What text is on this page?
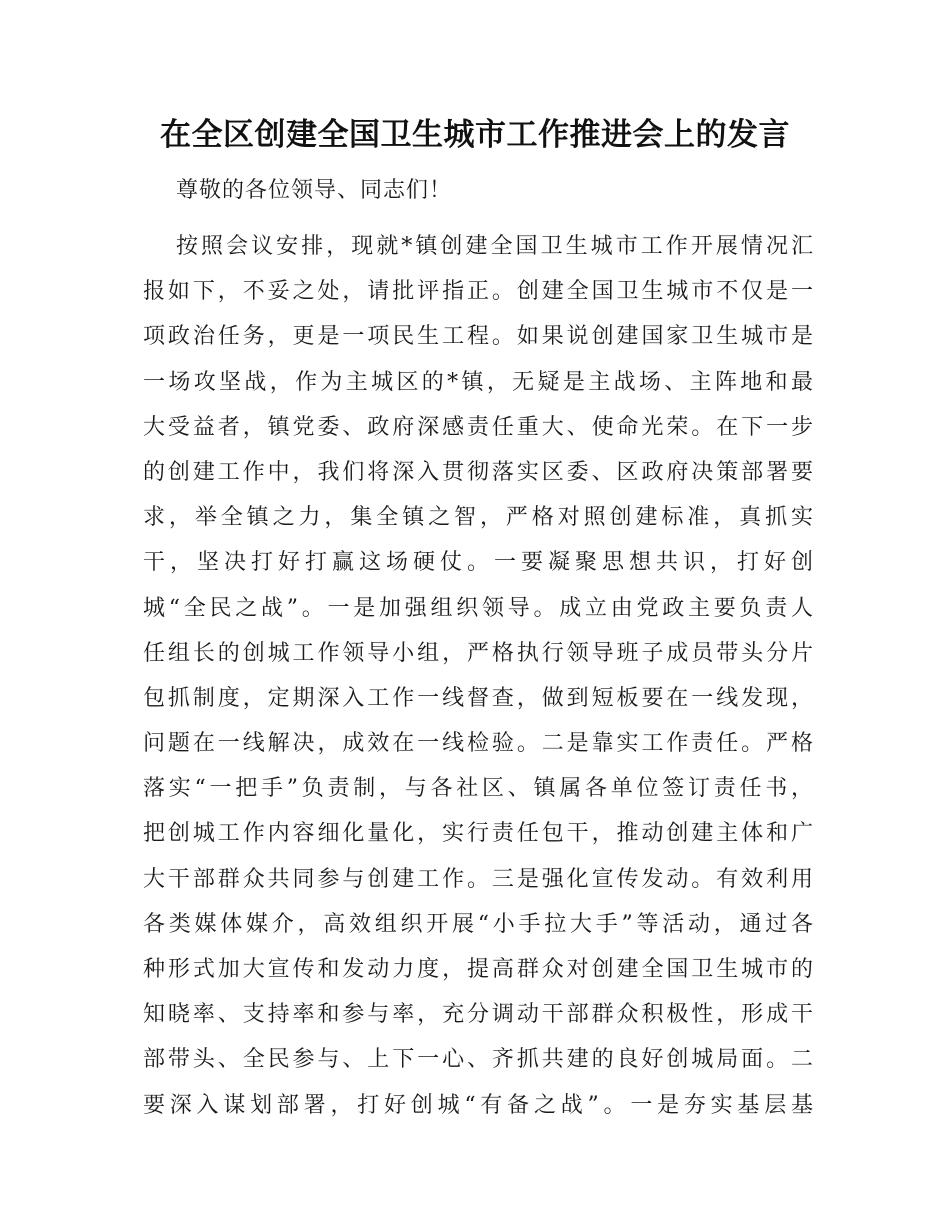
在全区创建全国卫生城市工作推进会上的发言
尊敬的各位领导、同志们！
按照会议安排，现就*镇创建全国卫生城市工作开展情况汇
报如下，不妥之处，请批评指正。创建全国卫生城市不仅是一
项政治任务，更是一项民生工程。如果说创建国家卫生城市是
一场攻坚战，作为主城区的*镇，无疑是主战场、主阵地和最
大受益者，镇党委、政府深感责任重大、使命光荣。在下一步
的创建工作中，我们将深入贯彻落实区委、区政府决策部署要
求，举全镇之力，集全镇之智，严格对照创建标准，真抓实
干，坚决打好打赢这场硬仗。一要凝聚思想共识，打好创
城“全民之战”。一是加强组织领导。成立由党政主要负责人
任组长的创城工作领导小组，严格执行领导班子成员带头分片
包抓制度，定期深入工作一线督查，做到短板要在一线发现，
问题在一线解决，成效在一线检验。二是靠实工作责任。严格
落实“一把手”负责制，与各社区、镇属各单位签订责任书，
把创城工作内容细化量化，实行责任包干，推动创建主体和广
大干部群众共同参与创建工作。三是强化宣传发动。有效利用
各类媒体媒介，高效组织开展“小手拉大手”等活动，通过各
种形式加大宣传和发动力度，提高群众对创建全国卫生城市的
知晓率、支持率和参与率，充分调动干部群众积极性，形成干
部带头、全民参与、上下一心、齐抓共建的良好创城局面。二
要深入谋划部署，打好创城“有备之战”。一是夯实基层基
